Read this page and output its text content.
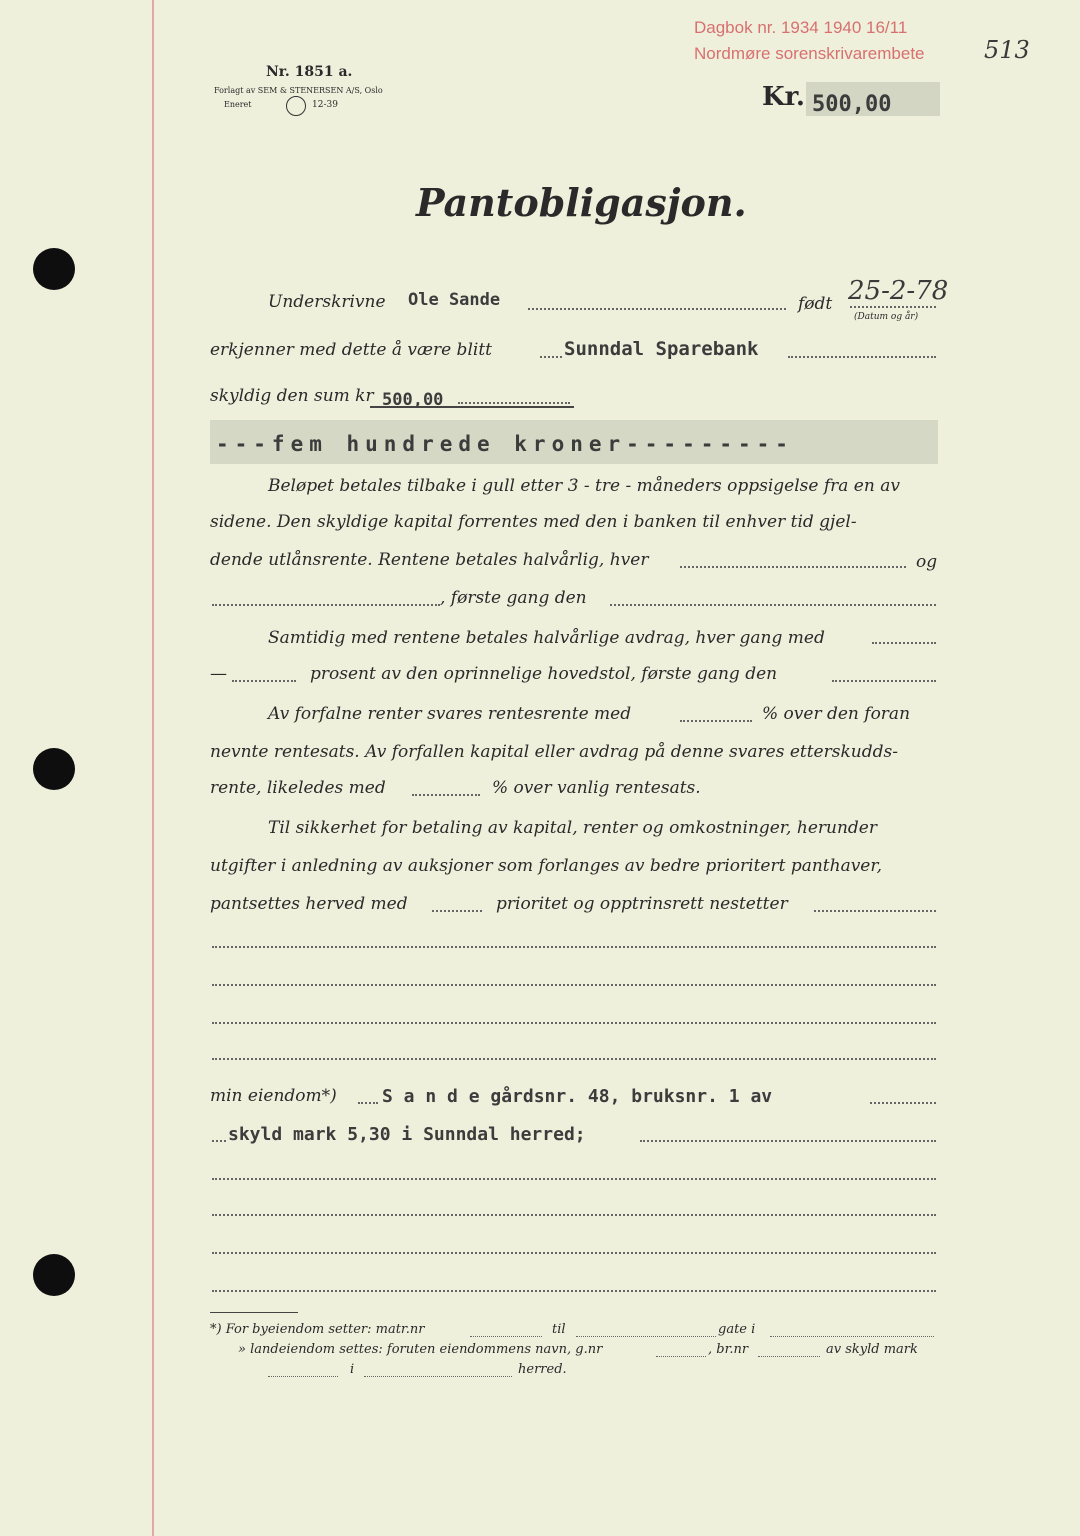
Dagbok nr. 1934 1940 16/11
Nordmøre sorenskrivarembete 513
Nr. 1851 a.
Forlagt av SEM & STENERSEN A/S, Oslo
Eneret	12-39	Kr. 500,00
Pantobligasjon.
Underskrivne Ole Sande	født 25-2-78
(Datum og år)
erkjenner med dette å være blitt	Sunndal Sparebank
skyldig den sum kr 500,00
---fem hundrede kroner---------
Beløpet betales tilbake i gull etter 3 - tre - måneders oppsigelse fra en av
sidene. Den skyldige kapital forrentes med den i banken til enhver tid gjel-
dende utlånsrente. Rentene betales halvårlig, hver	og
, første gang den
Samtidig med rentene betales halvårlige avdrag, hver gang med
—	prosent av den oprinnelige hovedstol, første gang den
Av forfalne renter svares rentesrente med	% over den foran
nevnte rentesats. Av forfallen kapital eller avdrag på denne svares etterskudds-
rente, likeledes med	% over vanlig rentesats.
Til sikkerhet for betaling av kapital, renter og omkostninger, herunder
utgifter i anledning av auksjoner som forlanges av bedre prioritert panthaver,
pantsettes herved med	prioritet og opptrinsrett nestetter
min eiendom*)	S a n d e gårdsnr. 48, bruksnr. 1 av
skyld mark 5,30 i Sunndal herred;
*) For byeiendom setter: matr.nr	til	gate i
» landeiendom settes: foruten eiendommens navn, g.nr	, br.nr	av skyld mark
i	herred.
